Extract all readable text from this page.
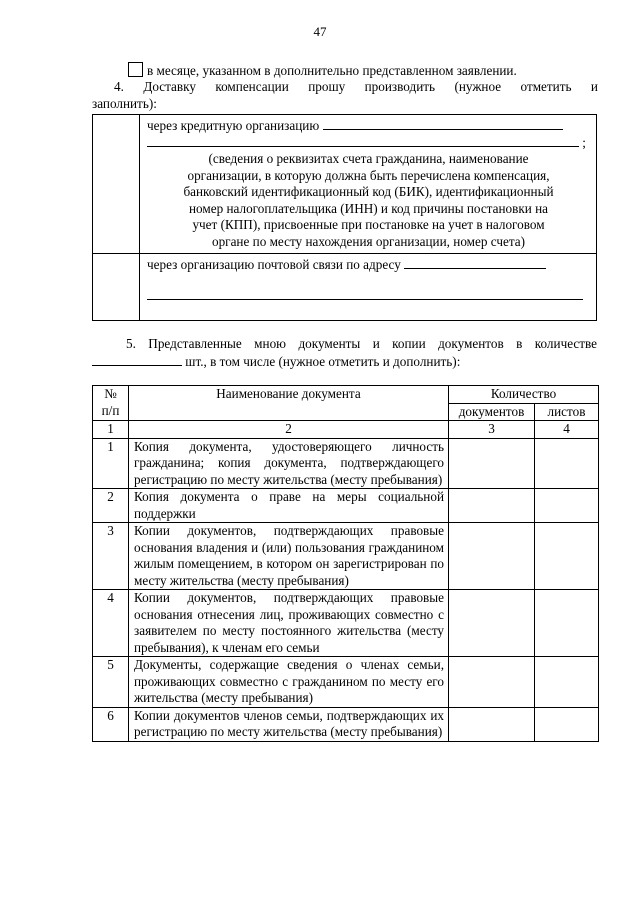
47
в месяце, указанном в дополнительно представленном заявлении.
4. Доставку компенсации прошу производить (нужное отметить и
заполнить):
через кредитную организацию
;
(сведения о реквизитах счета гражданина, наименование
организации, в которую должна быть перечислена компенсация,
банковский идентификационный код (БИК), идентификационный
номер налогоплательщика (ИНН) и код причины постановки на
учет (КПП), присвоенные при постановке на учет в налоговом
органе по месту нахождения организации, номер счета)
через организацию почтовой связи по адресу
5. Представленные мною документы и копии документов в количестве
шт., в том числе (нужное отметить и дополнить):
№
п/п	Наименование документа	Количество	
		документов	листов
1	2	3	4
1	Копия документа, удостоверяющего личность гражданина; копия документа, подтверждающего регистрацию по месту жительства (месту пребывания)		
2	Копия документа о праве на меры социальной поддержки		
3	Копии документов, подтверждающих правовые основания владения и (или) пользования гражданином жилым помещением, в котором он зарегистрирован по месту жительства (месту пребывания)		
4	Копии документов, подтверждающих правовые основания отнесения лиц, проживающих совместно с заявителем по месту постоянного жительства (месту пребывания), к членам его семьи		
5	Документы, содержащие сведения о членах семьи, проживающих совместно с гражданином по месту его жительства (месту пребывания)		
6	Копии документов членов семьи, подтверждающих их регистрацию по месту жительства (месту пребывания)		
